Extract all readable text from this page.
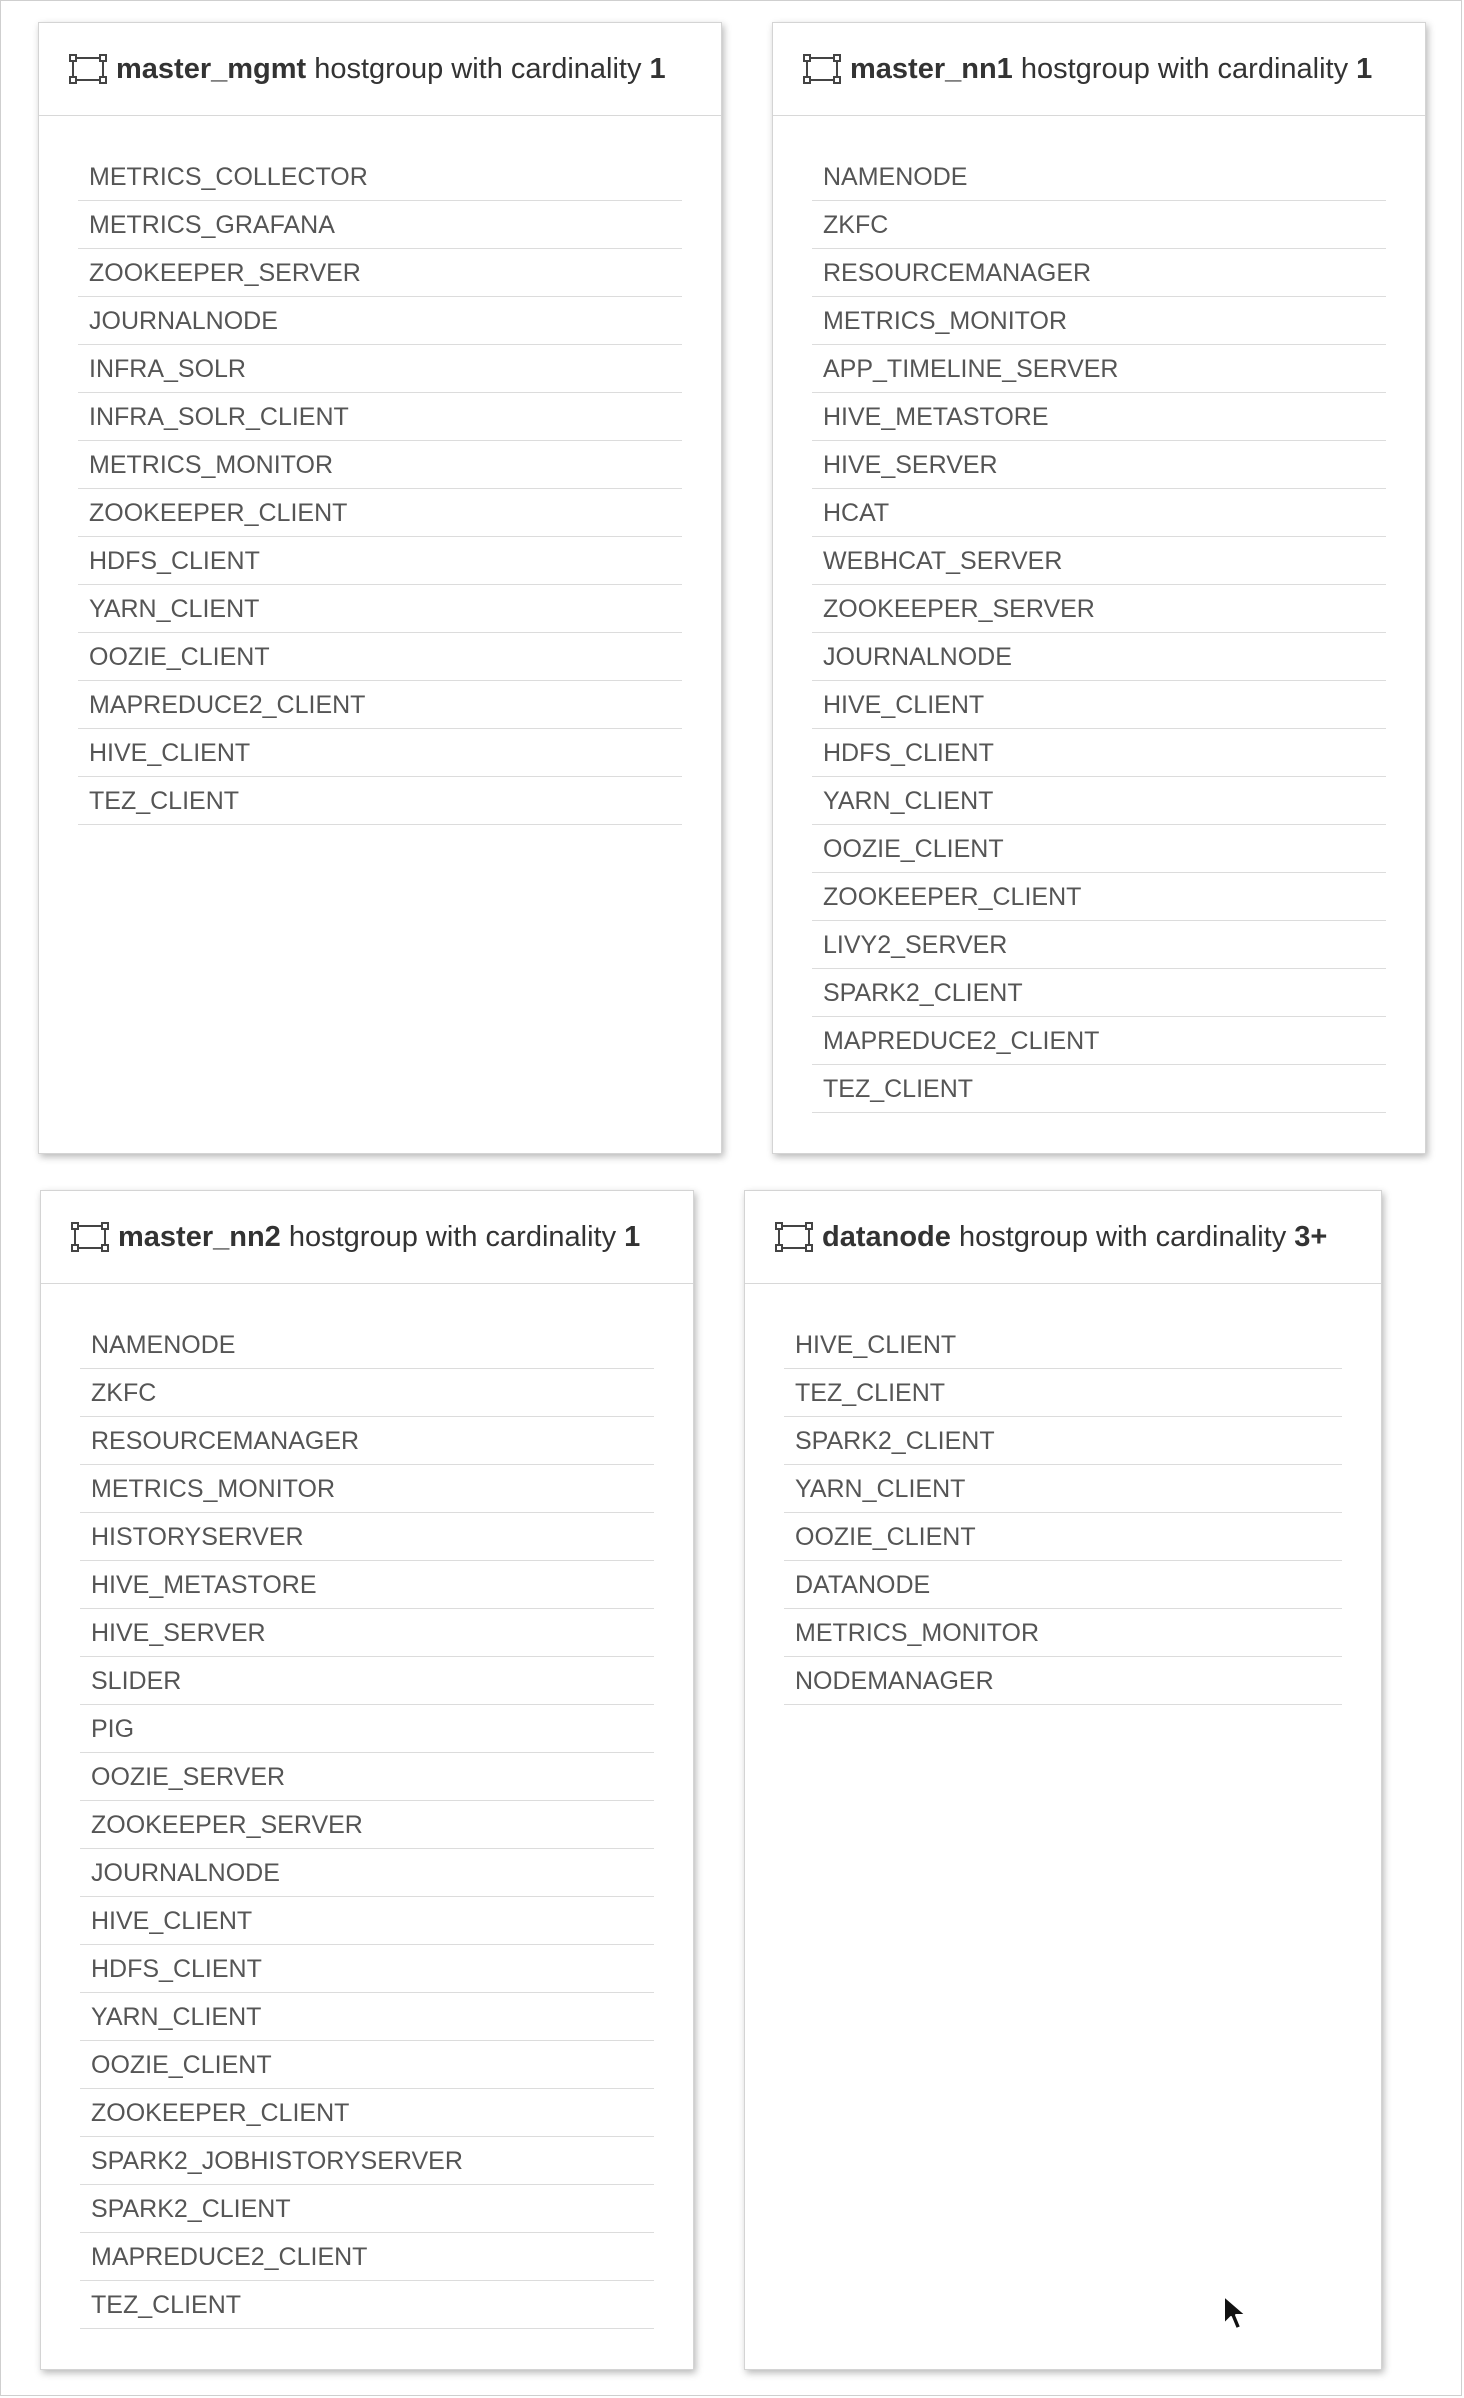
master_mgmt hostgroup with cardinality 1
METRICS_COLLECTOR
METRICS_GRAFANA
ZOOKEEPER_SERVER
JOURNALNODE
INFRA_SOLR
INFRA_SOLR_CLIENT
METRICS_MONITOR
ZOOKEEPER_CLIENT
HDFS_CLIENT
YARN_CLIENT
OOZIE_CLIENT
MAPREDUCE2_CLIENT
HIVE_CLIENT
TEZ_CLIENT
master_nn1 hostgroup with cardinality 1
NAMENODE
ZKFC
RESOURCEMANAGER
METRICS_MONITOR
APP_TIMELINE_SERVER
HIVE_METASTORE
HIVE_SERVER
HCAT
WEBHCAT_SERVER
ZOOKEEPER_SERVER
JOURNALNODE
HIVE_CLIENT
HDFS_CLIENT
YARN_CLIENT
OOZIE_CLIENT
ZOOKEEPER_CLIENT
LIVY2_SERVER
SPARK2_CLIENT
MAPREDUCE2_CLIENT
TEZ_CLIENT
master_nn2 hostgroup with cardinality 1
NAMENODE
ZKFC
RESOURCEMANAGER
METRICS_MONITOR
HISTORYSERVER
HIVE_METASTORE
HIVE_SERVER
SLIDER
PIG
OOZIE_SERVER
ZOOKEEPER_SERVER
JOURNALNODE
HIVE_CLIENT
HDFS_CLIENT
YARN_CLIENT
OOZIE_CLIENT
ZOOKEEPER_CLIENT
SPARK2_JOBHISTORYSERVER
SPARK2_CLIENT
MAPREDUCE2_CLIENT
TEZ_CLIENT
datanode hostgroup with cardinality 3+
HIVE_CLIENT
TEZ_CLIENT
SPARK2_CLIENT
YARN_CLIENT
OOZIE_CLIENT
DATANODE
METRICS_MONITOR
NODEMANAGER
